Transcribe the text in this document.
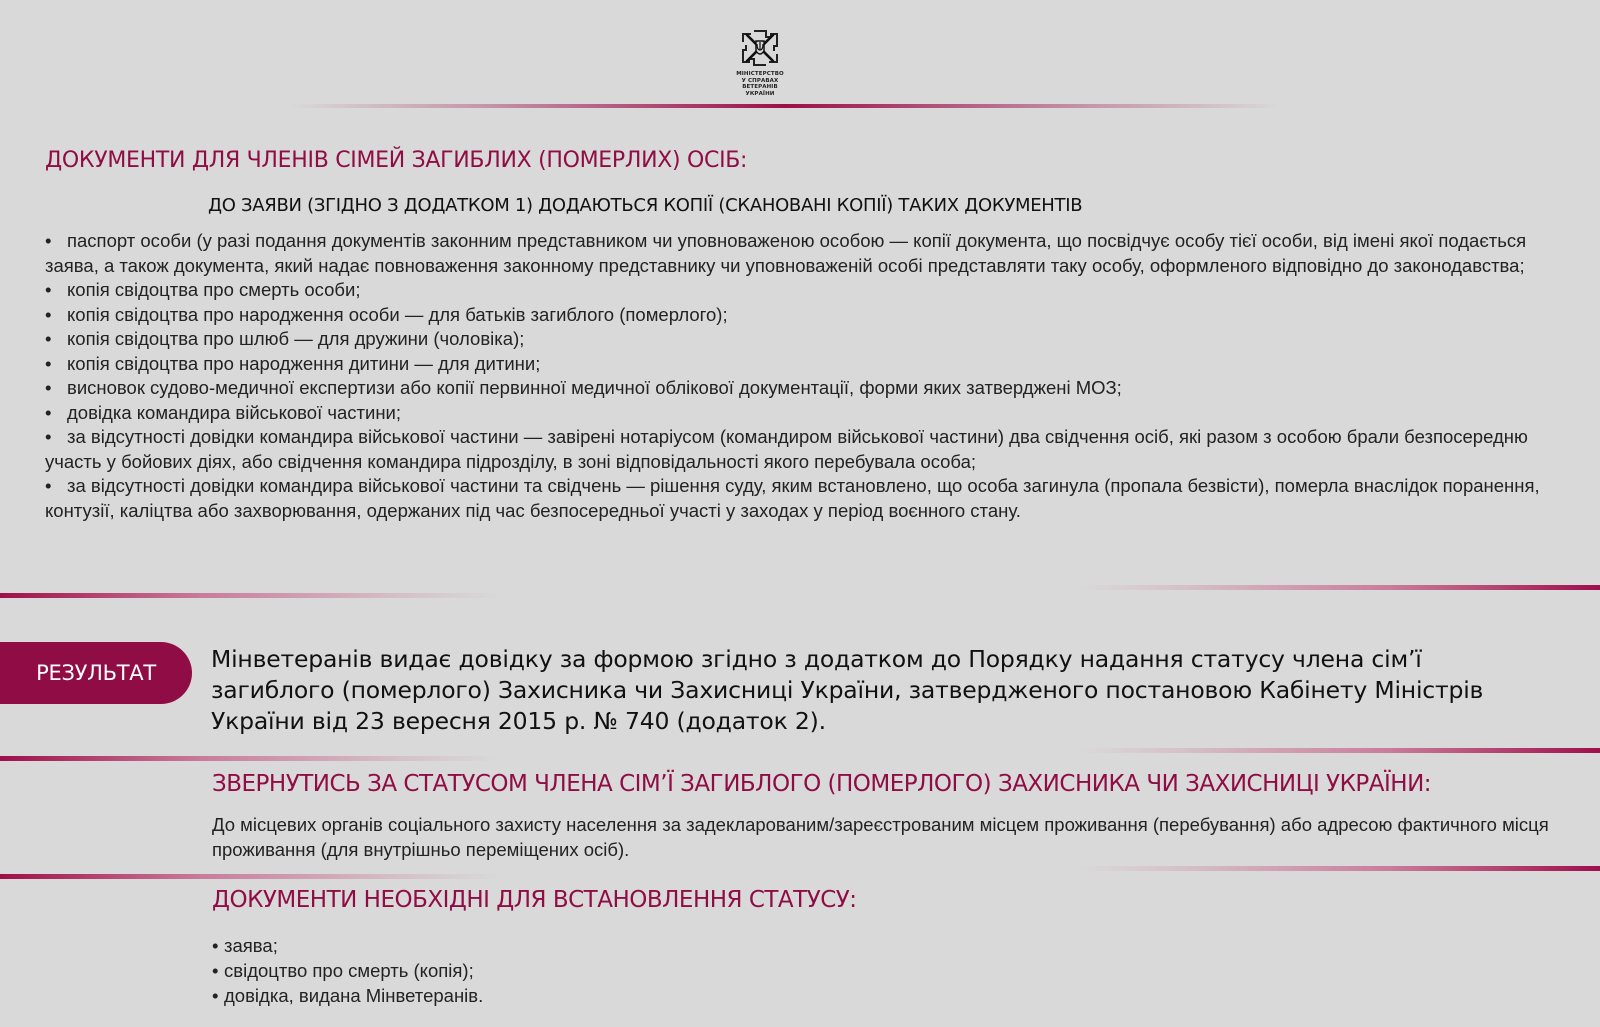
МІНІСТЕРСТВО
У СПРАВАХ
ВЕТЕРАНІВ
УКРАЇНИ
ДОКУМЕНТИ ДЛЯ ЧЛЕНІВ СІМЕЙ ЗАГИБЛИХ (ПОМЕРЛИХ) ОСІБ:
ДО ЗАЯВИ (ЗГІДНО З ДОДАТКОМ 1) ДОДАЮТЬСЯ КОПІЇ (СКАНОВАНІ КОПІЇ) ТАКИХ ДОКУМЕНТІВ
• паспорт особи (у разі подання документів законним представником чи уповноваженою особою — копії документа, що посвідчує особу тієї особи, від імені якої подається заява, а також документа, який надає повноваження законному представнику чи уповноваженій особі представляти таку особу, оформленого відповідно до законодавства;
• копія свідоцтва про смерть особи;
• копія свідоцтва про народження особи — для батьків загиблого (померлого);
• копія свідоцтва про шлюб — для дружини (чоловіка);
• копія свідоцтва про народження дитини — для дитини;
• висновок судово-медичної експертизи або копії первинної медичної облікової документації, форми яких затверджені МОЗ;
• довідка командира військової частини;
• за відсутності довідки командира військової частини — завірені нотаріусом (командиром військової частини) два свідчення осіб, які разом з особою брали безпосередню участь у бойових діях, або свідчення командира підрозділу, в зоні відповідальності якого перебувала особа;
• за відсутності довідки командира військової частини та свідчень — рішення суду, яким встановлено, що особа загинула (пропала безвісти), померла внаслідок поранення, контузії, каліцтва або захворювання, одержаних під час безпосередньої участі у заходах у період воєнного стану.
РЕЗУЛЬТАТ	Мінветеранів видає довідку за формою згідно з додатком до Порядку надання статусу члена сім’ї загиблого (померлого) Захисника чи Захисниці України, затвердженого постановою Кабінету Міністрів України від 23 вересня 2015 р. № 740 (додаток 2).
ЗВЕРНУТИСЬ ЗА СТАТУСОМ ЧЛЕНА СІМ’Ї ЗАГИБЛОГО (ПОМЕРЛОГО) ЗАХИСНИКА ЧИ ЗАХИСНИЦІ УКРАЇНИ:
До місцевих органів соціального захисту населення за задекларованим/зареєстрованим місцем проживання (перебування) або адресою фактичного місця проживання (для внутрішньо переміщених осіб).
ДОКУМЕНТИ НЕОБХІДНІ ДЛЯ ВСТАНОВЛЕННЯ СТАТУСУ:
• заява;
• свідоцтво про смерть (копія);
• довідка, видана Мінветеранів.
